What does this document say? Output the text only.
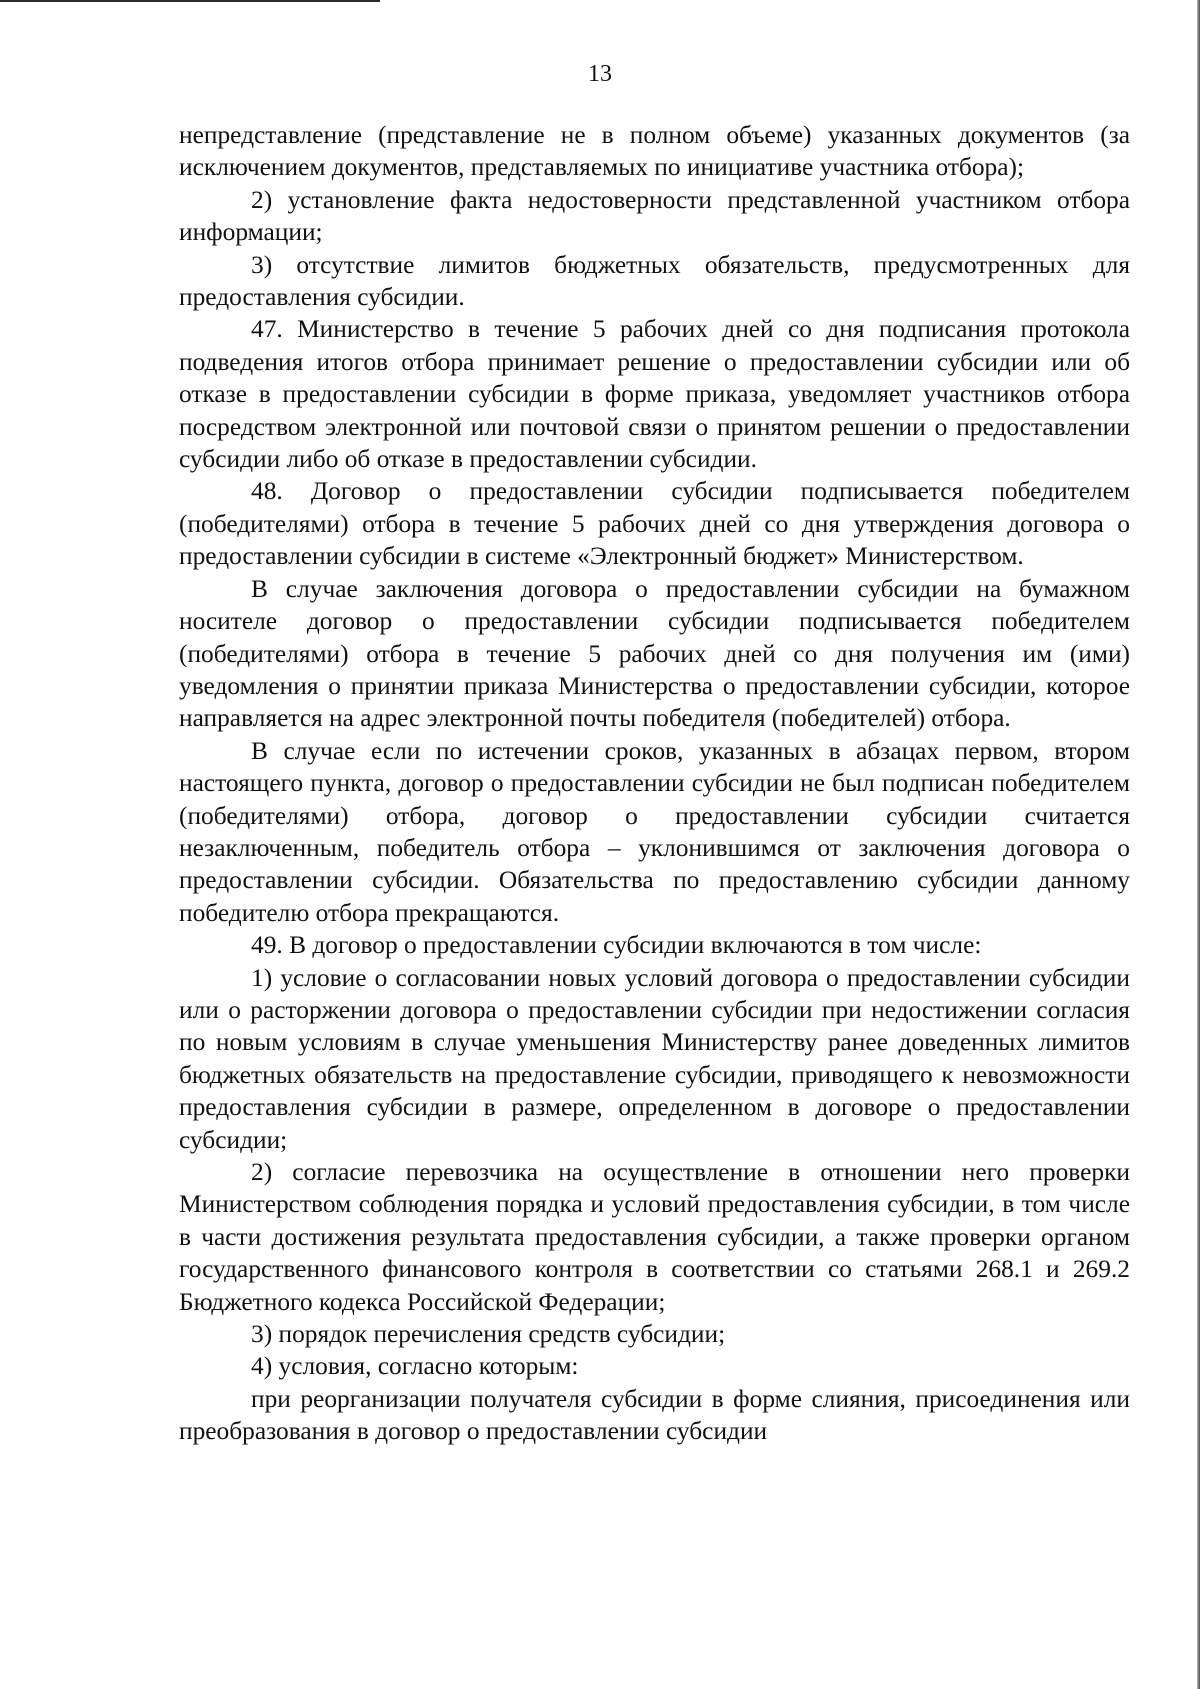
13

непредставление (представление не в полном объеме) указанных документов (за исключением документов, представляемых по инициативе участника отбора);

2) установление факта недостоверности представленной участником отбора информации;

3) отсутствие лимитов бюджетных обязательств, предусмотренных для предоставления субсидии.

47. Министерство в течение 5 рабочих дней со дня подписания протокола подведения итогов отбора принимает решение о предоставлении субсидии или об отказе в предоставлении субсидии в форме приказа, уведомляет участников отбора посредством электронной или почтовой связи о принятом решении о предоставлении субсидии либо об отказе в предоставлении субсидии.

48. Договор о предоставлении субсидии подписывается победителем (победителями) отбора в течение 5 рабочих дней со дня утверждения договора о предоставлении субсидии в системе «Электронный бюджет» Министерством.

В случае заключения договора о предоставлении субсидии на бумажном носителе договор о предоставлении субсидии подписывается победителем (победителями) отбора в течение 5 рабочих дней со дня получения им (ими) уведомления о принятии приказа Министерства о предоставлении субсидии, которое направляется на адрес электронной почты победителя (победителей) отбора.

В случае если по истечении сроков, указанных в абзацах первом, втором настоящего пункта, договор о предоставлении субсидии не был подписан победителем (победителями) отбора, договор о предоставлении субсидии считается незаключенным, победитель отбора – уклонившимся от заключения договора о предоставлении субсидии. Обязательства по предоставлению субсидии данному победителю отбора прекращаются.

49. В договор о предоставлении субсидии включаются в том числе:

1) условие о согласовании новых условий договора о предоставлении субсидии или о расторжении договора о предоставлении субсидии при недостижении согласия по новым условиям в случае уменьшения Министерству ранее доведенных лимитов бюджетных обязательств на предоставление субсидии, приводящего к невозможности предоставления субсидии в размере, определенном в договоре о предоставлении субсидии;

2) согласие перевозчика на осуществление в отношении него проверки Министерством соблюдения порядка и условий предоставления субсидии, в том числе в части достижения результата предоставления субсидии, а также проверки органом государственного финансового контроля в соответствии со статьями 268.1 и 269.2 Бюджетного кодекса Российской Федерации;

3) порядок перечисления средств субсидии;

4) условия, согласно которым:

при реорганизации получателя субсидии в форме слияния, присоединения или преобразования в договор о предоставлении субсидии
